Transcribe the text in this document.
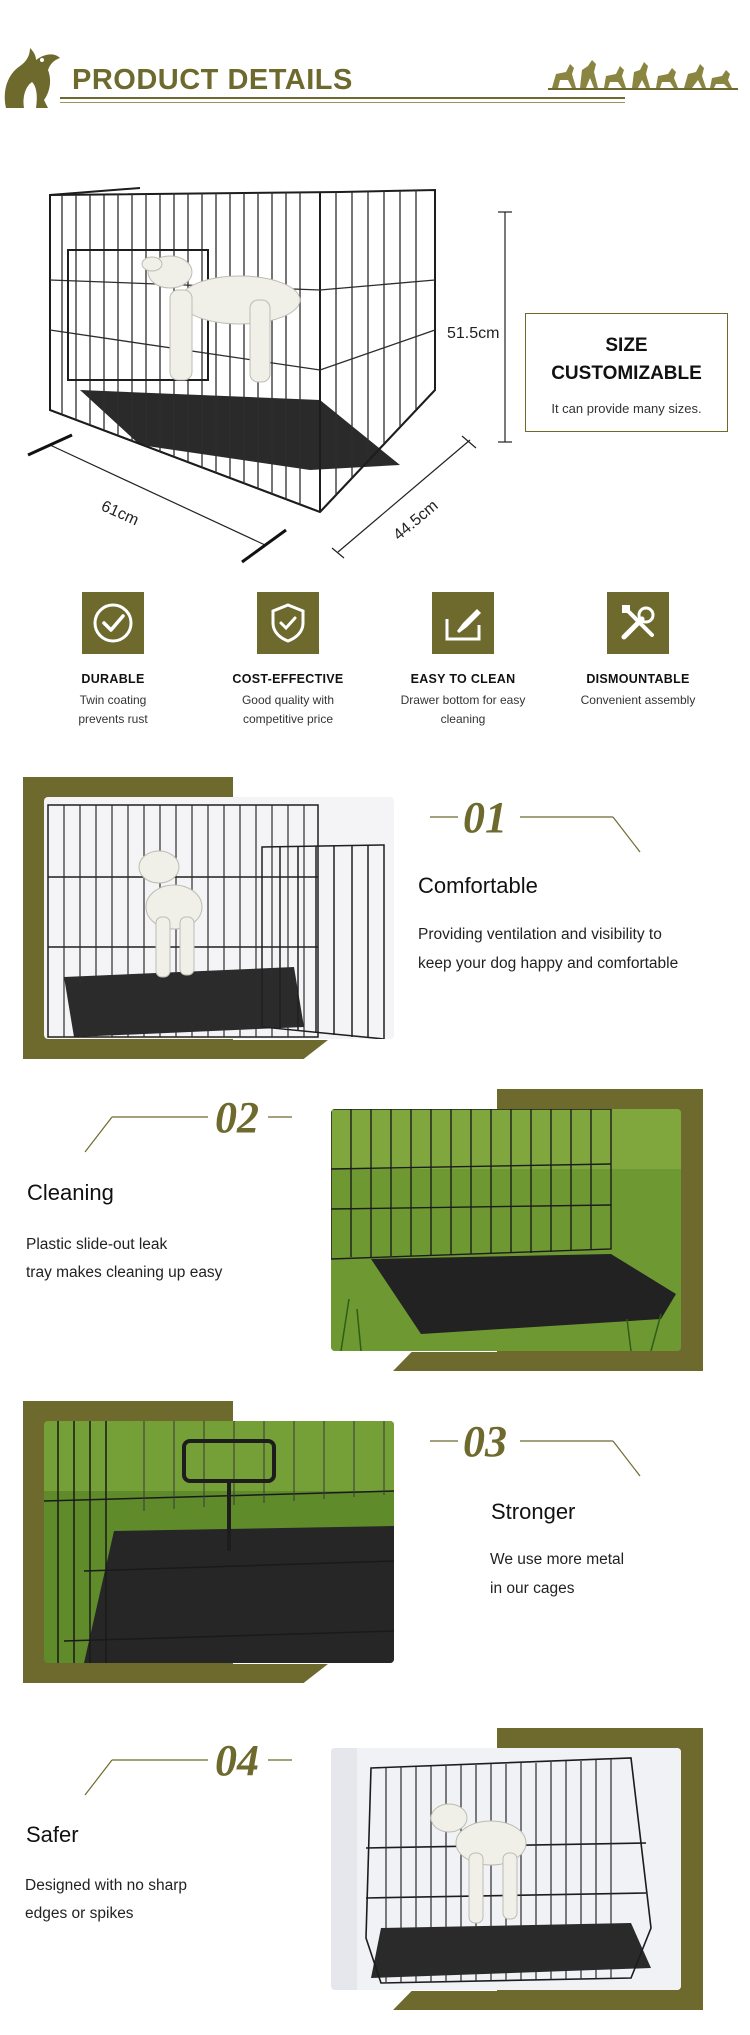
PRODUCT DETAILS
51.5cm
61cm	44.5cm
SIZE
CUSTOMIZABLE
It can provide many sizes.
DURABLE
Twin coating
prevents rust
COST-EFFECTIVE
Good quality with
competitive price
EASY TO CLEAN
Drawer bottom for easy
cleaning
DISMOUNTABLE
Convenient assembly
01
Comfortable
Providing ventilation and visibility to
keep your dog happy and comfortable
02
Cleaning
Plastic slide-out leak
tray makes cleaning up easy
03
Stronger
We use more metal
in our cages
04
Safer
Designed with no sharp
edges or spikes
